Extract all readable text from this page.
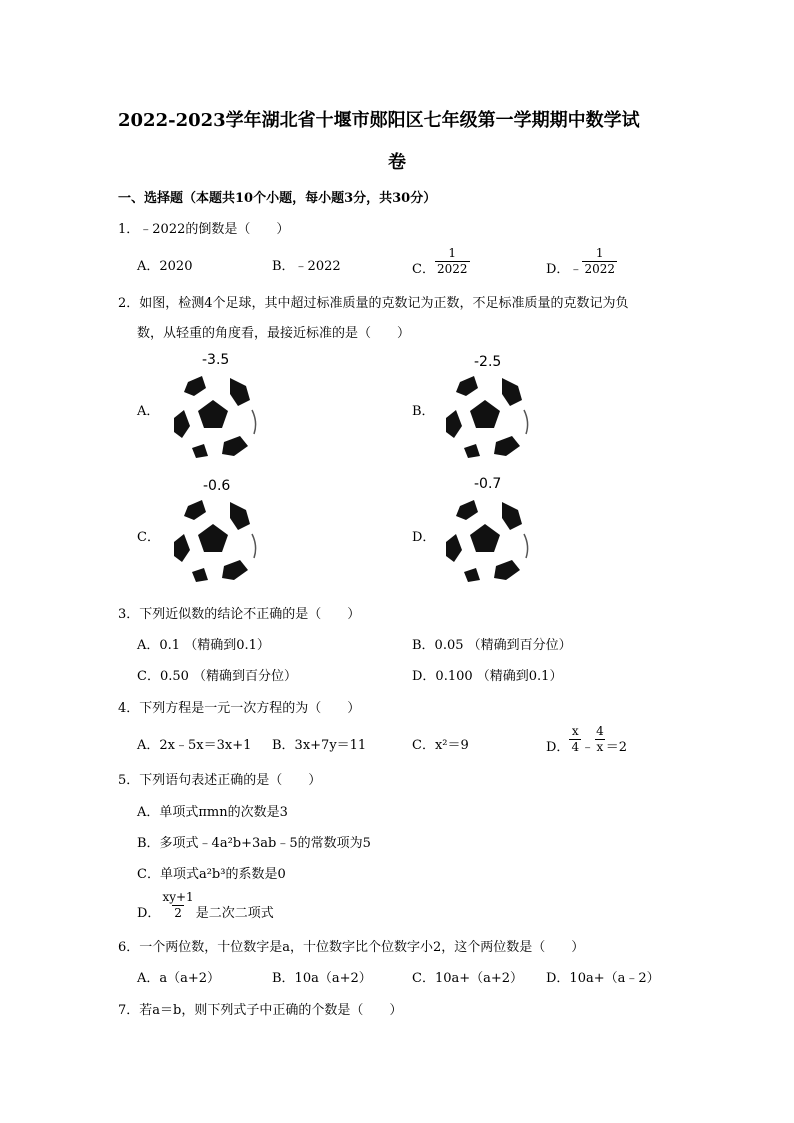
2022-2023学年湖北省十堰市郧阳区七年级第一学期期中数学试
卷
一、选择题（本题共10个小题，每小题3分，共30分）
1．﹣2022的倒数是（　　）
A．2020	B．﹣2022	C． $\frac{1}{2022}$	D．﹣ $\frac{1}{2022}$
2．如图，检测4个足球，其中超过标准质量的克数记为正数，不足标准质量的克数记为负
数，从轻重的角度看，最接近标准的是（　　）
A．
-3.5
B．
-2.5
C．
-0.6
D．
-0.7
3．下列近似数的结论不正确的是（　　）
A．0.1 （精确到0.1）	B．0.05 （精确到百分位）
C．0.50 （精确到百分位）	D．0.100 （精确到0.1）
4．下列方程是一元一次方程的为（　　）
A．2x﹣5x＝3x+1 B．3x+7y＝11	C．x²＝9	D． $\frac{x}{4}$ ﹣ $\frac{4}{x} =2$
5．下列语句表述正确的是（　　）
A．单项式πmn的次数是3
B．多项式﹣4a²b+3ab﹣5的常数项为5
C．单项式a²b³的系数是0
D． $\frac{xy+1}{2}$ 是二次二项式
6．一个两位数，十位数字是a，十位数字比个位数字小2，这个两位数是（　　）
A．a（a+2）	B．10a（a+2）	C．10a+（a+2） D．10a+（a﹣2）
7．若a＝b，则下列式子中正确的个数是（　　）
